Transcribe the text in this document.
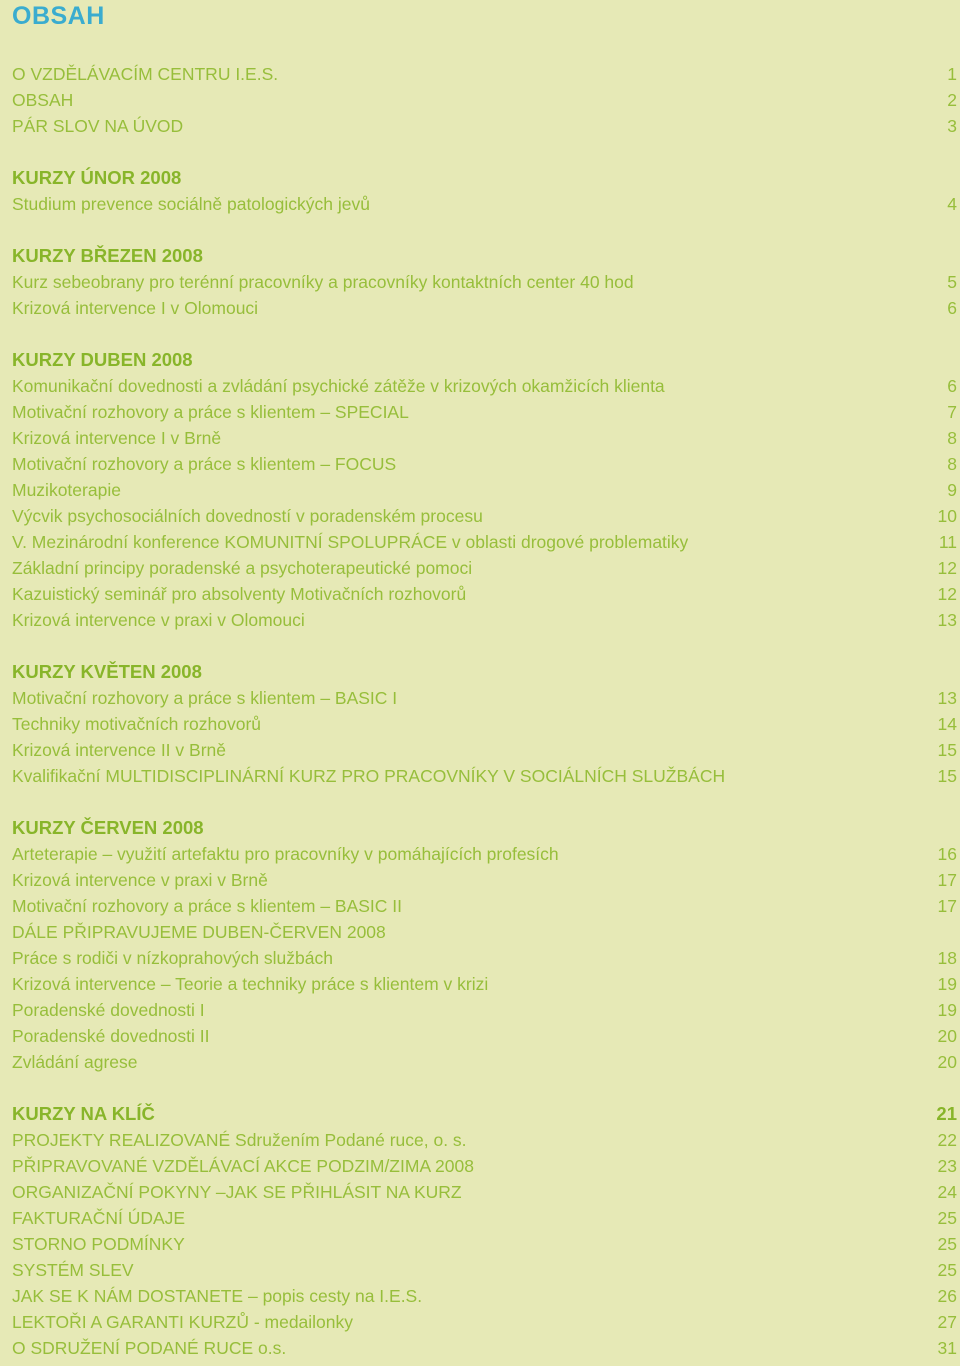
OBSAH
O VZDĚLÁVACÍM CENTRU I.E.S.	1
OBSAH	2
PÁR SLOV NA ÚVOD	3
KURZY ÚNOR 2008
Studium prevence sociálně patologických jevů	4
KURZY BŘEZEN 2008
Kurz sebeobrany pro terénní pracovníky a pracovníky kontaktních center 40 hod	5
Krizová intervence I v Olomouci	6
KURZY DUBEN 2008
Komunikační dovednosti a zvládání psychické zátěže v krizových okamžicích klienta	6
Motivační rozhovory a práce s klientem – SPECIAL	7
Krizová intervence I v Brně	8
Motivační rozhovory a práce s klientem – FOCUS	8
Muzikoterapie	9
Výcvik psychosociálních dovedností v poradenském procesu	10
V. Mezinárodní konference KOMUNITNÍ SPOLUPRÁCE v oblasti drogové problematiky	11
Základní principy poradenské a psychoterapeutické pomoci	12
Kazuistický seminář pro absolventy Motivačních rozhovorů	12
Krizová intervence v praxi v Olomouci	13
KURZY KVĚTEN 2008
Motivační rozhovory a práce s klientem – BASIC I	13
Techniky motivačních rozhovorů	14
Krizová intervence II v Brně	15
Kvalifikační MULTIDISCIPLINÁRNÍ KURZ PRO PRACOVNÍKY V SOCIÁLNÍCH SLUŽBÁCH	15
KURZY ČERVEN 2008
Arteterapie – využití artefaktu pro pracovníky v pomáhajících profesích	16
Krizová intervence v praxi v Brně	17
Motivační rozhovory a práce s klientem – BASIC II	17
DÁLE PŘIPRAVUJEME DUBEN-ČERVEN 2008
Práce s rodiči v nízkoprahových službách	18
Krizová intervence – Teorie a techniky práce s klientem v krizi	19
Poradenské dovednosti I	19
Poradenské dovednosti II	20
Zvládání agrese	20
KURZY NA KLÍČ	21
PROJEKTY REALIZOVANÉ Sdružením Podané ruce, o. s.	22
PŘIPRAVOVANÉ VZDĚLÁVACÍ AKCE PODZIM/ZIMA 2008	23
ORGANIZAČNÍ POKYNY –JAK SE PŘIHLÁSIT NA KURZ	24
FAKTURAČNÍ ÚDAJE	25
STORNO PODMÍNKY	25
SYSTÉM SLEV	25
JAK SE K NÁM DOSTANETE – popis cesty na I.E.S.	26
LEKTOŘI A GARANTI KURZŮ - medailonky	27
O SDRUŽENÍ PODANÉ RUCE o.s.	31
